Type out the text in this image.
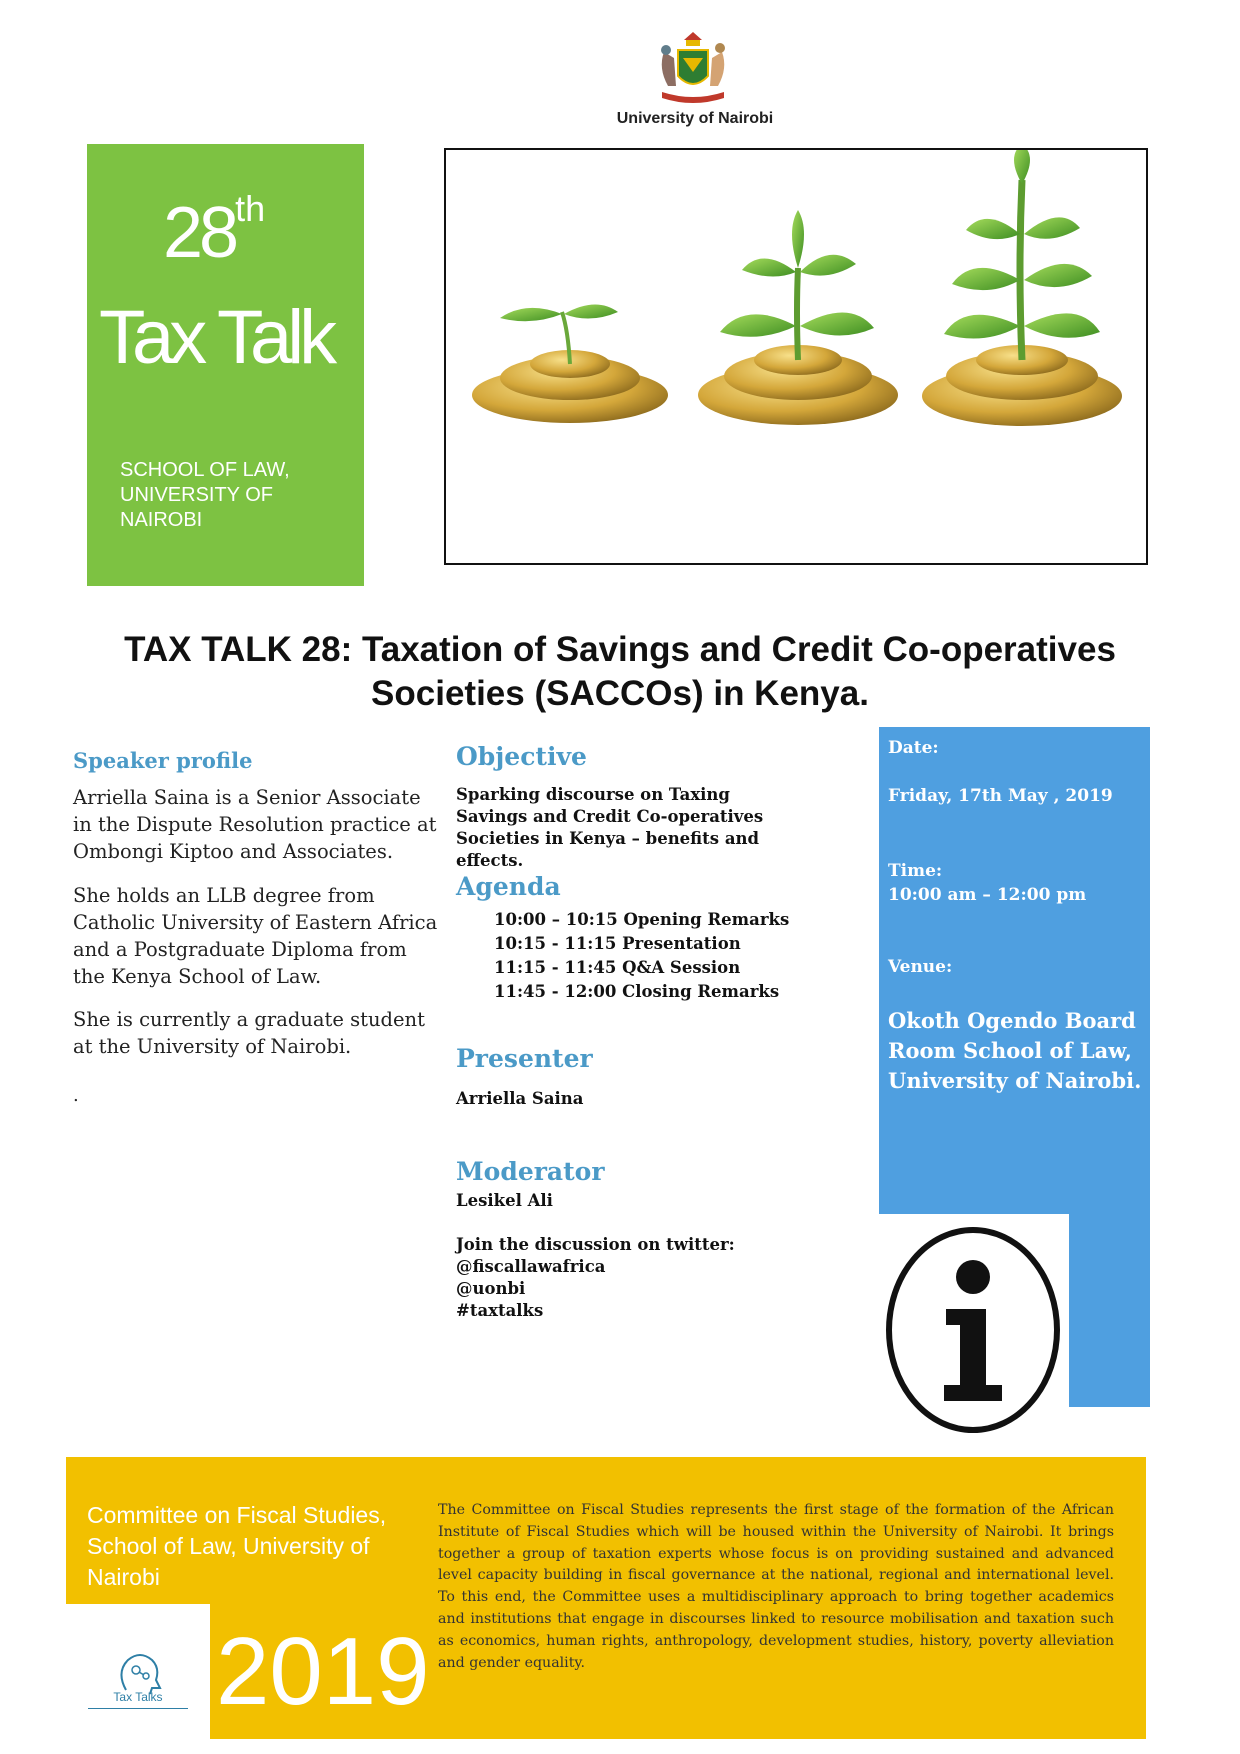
University of Nairobi
28th
Tax Talk
SCHOOL OF LAW, UNIVERSITY OF NAIROBI
TAX TALK 28: Taxation of Savings and Credit Co-operatives
Societies (SACCOs) in Kenya.
Speaker profile
Arriella Saina is a Senior Associate in the Dispute Resolution practice at Ombongi Kiptoo and Associates.
She holds an LLB degree from Catholic University of Eastern Africa and a Postgraduate Diploma from the Kenya School of Law.
She is currently a graduate student at the University of Nairobi.
.
Objective
Sparking discourse on Taxing Savings and Credit Co-operatives Societies in Kenya – benefits and effects.
Agenda
10:00 – 10:15 Opening Remarks
10:15 - 11:15 Presentation
11:15 - 11:45 Q&A Session
11:45 - 12:00 Closing Remarks
Presenter
Arriella Saina
Moderator
Lesikel Ali
Join the discussion on twitter:
@fiscallawafrica
@uonbi
#taxtalks
Date:
Friday, 17th May , 2019
Time:
10:00 am – 12:00 pm
Venue:
Okoth Ogendo Board Room School of Law, University of Nairobi.
Committee on Fiscal Studies, School of Law, University of Nairobi
2019
The Committee on Fiscal Studies represents the first stage of the formation of the African Institute of Fiscal Studies which will be housed within the University of Nairobi. It brings together a group of taxation experts whose focus is on providing sustained and advanced level capacity building in fiscal governance at the national, regional and international level. To this end, the Committee uses a multidisciplinary approach to bring together academics and institutions that engage in discourses linked to resource mobilisation and taxation such as economics, human rights, anthropology, development studies, history, poverty alleviation and gender equality.
Tax Talks
